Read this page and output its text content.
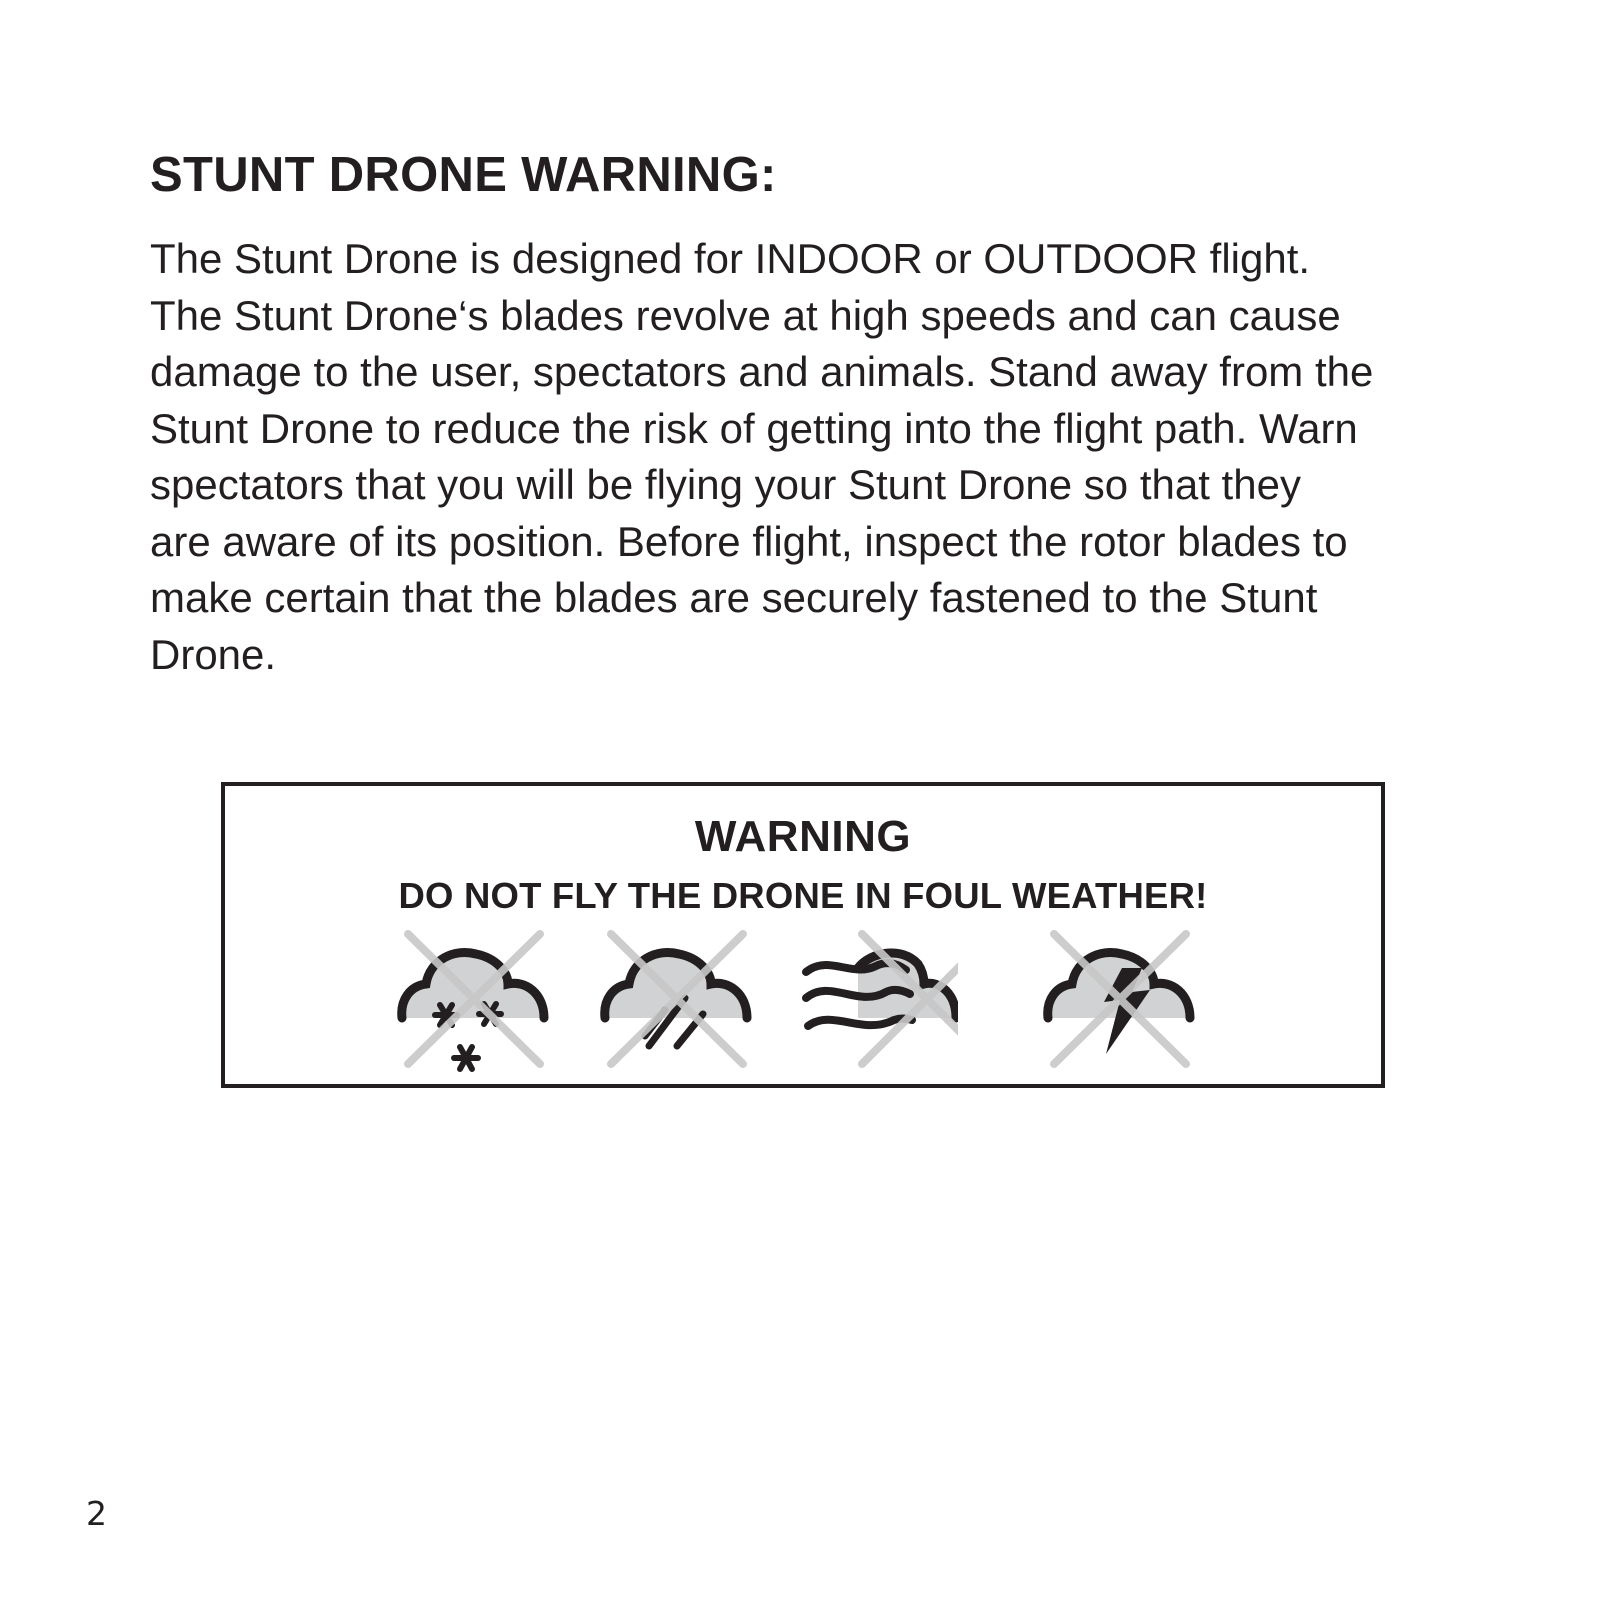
STUNT DRONE WARNING:

The Stunt Drone is designed for INDOOR or OUTDOOR flight.
The Stunt Drone‘s blades revolve at high speeds and can cause
damage to the user, spectators and animals. Stand away from the
Stunt Drone to reduce the risk of getting into the flight path. Warn
spectators that you will be flying your Stunt Drone so that they
are aware of its position. Before flight, inspect the rotor blades to
make certain that the blades are securely fastened to the Stunt
Drone.

WARNING
DO NOT FLY THE DRONE IN FOUL WEATHER!
2
